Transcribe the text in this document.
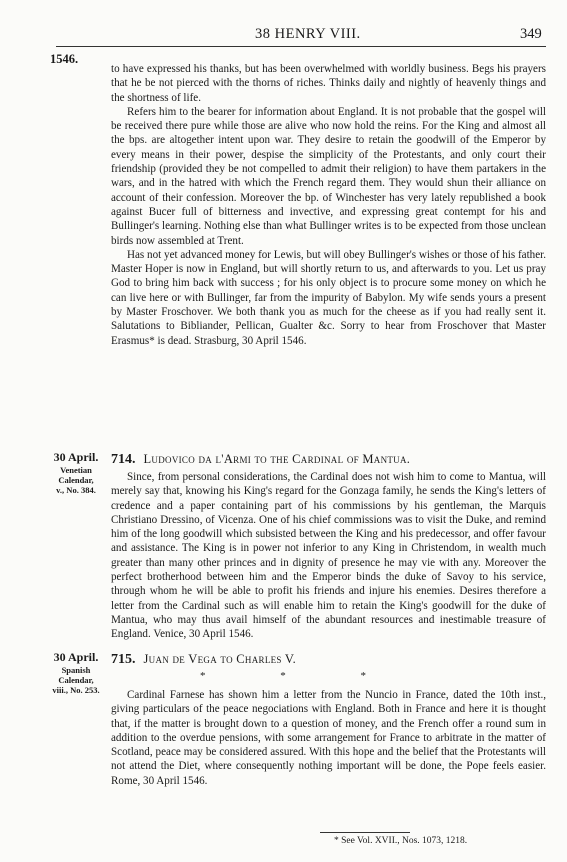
38 HENRY VIII.	349
1546.

to have expressed his thanks, but has been overwhelmed with worldly business. Begs his prayers that he be not pierced with the thorns of riches. Thinks daily and nightly of heavenly things and the shortness of life.

Refers him to the bearer for information about England. It is not probable that the gospel will be received there pure while those are alive who now hold the reins. For the King and almost all the bps. are altogether intent upon war. They desire to retain the goodwill of the Emperor by every means in their power, despise the simplicity of the Protestants, and only court their friendship (provided they be not compelled to admit their religion) to have them partakers in the wars, and in the hatred with which the French regard them. They would shun their alliance on account of their confession. Moreover the bp. of Winchester has very lately republished a book against Bucer full of bitterness and invective, and expressing great contempt for his and Bullinger's learning. Nothing else than what Bullinger writes is to be expected from those unclean birds now assembled at Trent.

Has not yet advanced money for Lewis, but will obey Bullinger's wishes or those of his father. Master Hoper is now in England, but will shortly return to us, and afterwards to you. Let us pray God to bring him back with success ; for his only object is to procure some money on which he can live here or with Bullinger, far from the impurity of Babylon. My wife sends yours a present by Master Froschover. We both thank you as much for the cheese as if you had really sent it. Salutations to Bibliander, Pellican, Gualter &c. Sorry to hear from Froschover that Master Erasmus* is dead. Strasburg, 30 April 1546.

30 April.
Venetian
Calendar,
v., No. 384.
714. Ludovico da l'Armi to the Cardinal of Mantua.

Since, from personal considerations, the Cardinal does not wish him to come to Mantua, will merely say that, knowing his King's regard for the Gonzaga family, he sends the King's letters of credence and a paper containing part of his commissions by his gentleman, the Marquis Christiano Dressino, of Vicenza. One of his chief commissions was to visit the Duke, and remind him of the long goodwill which subsisted between the King and his predecessor, and offer favour and assistance. The King is in power not inferior to any King in Christendom, in wealth much greater than many other princes and in dignity of presence he may vie with any. Moreover the perfect brotherhood between him and the Emperor binds the duke of Savoy to his service, through whom he will be able to profit his friends and injure his enemies. Desires therefore a letter from the Cardinal such as will enable him to retain the King's goodwill for the duke of Mantua, who may thus avail himself of the abundant resources and inestimable treasure of England. Venice, 30 April 1546.

30 April.
Spanish
Calendar,
viii., No. 253.
715. Juan de Vega to Charles V.
* * *

Cardinal Farnese has shown him a letter from the Nuncio in France, dated the 10th inst., giving particulars of the peace negociations with England. Both in France and here it is thought that, if the matter is brought down to a question of money, and the French offer a round sum in addition to the overdue pensions, with some arrangement for France to arbitrate in the matter of Scotland, peace may be considered assured. With this hope and the belief that the Protestants will not attend the Diet, where consequently nothing important will be done, the Pope feels easier. Rome, 30 April 1546.

* See Vol. XVII., Nos. 1073, 1218.
